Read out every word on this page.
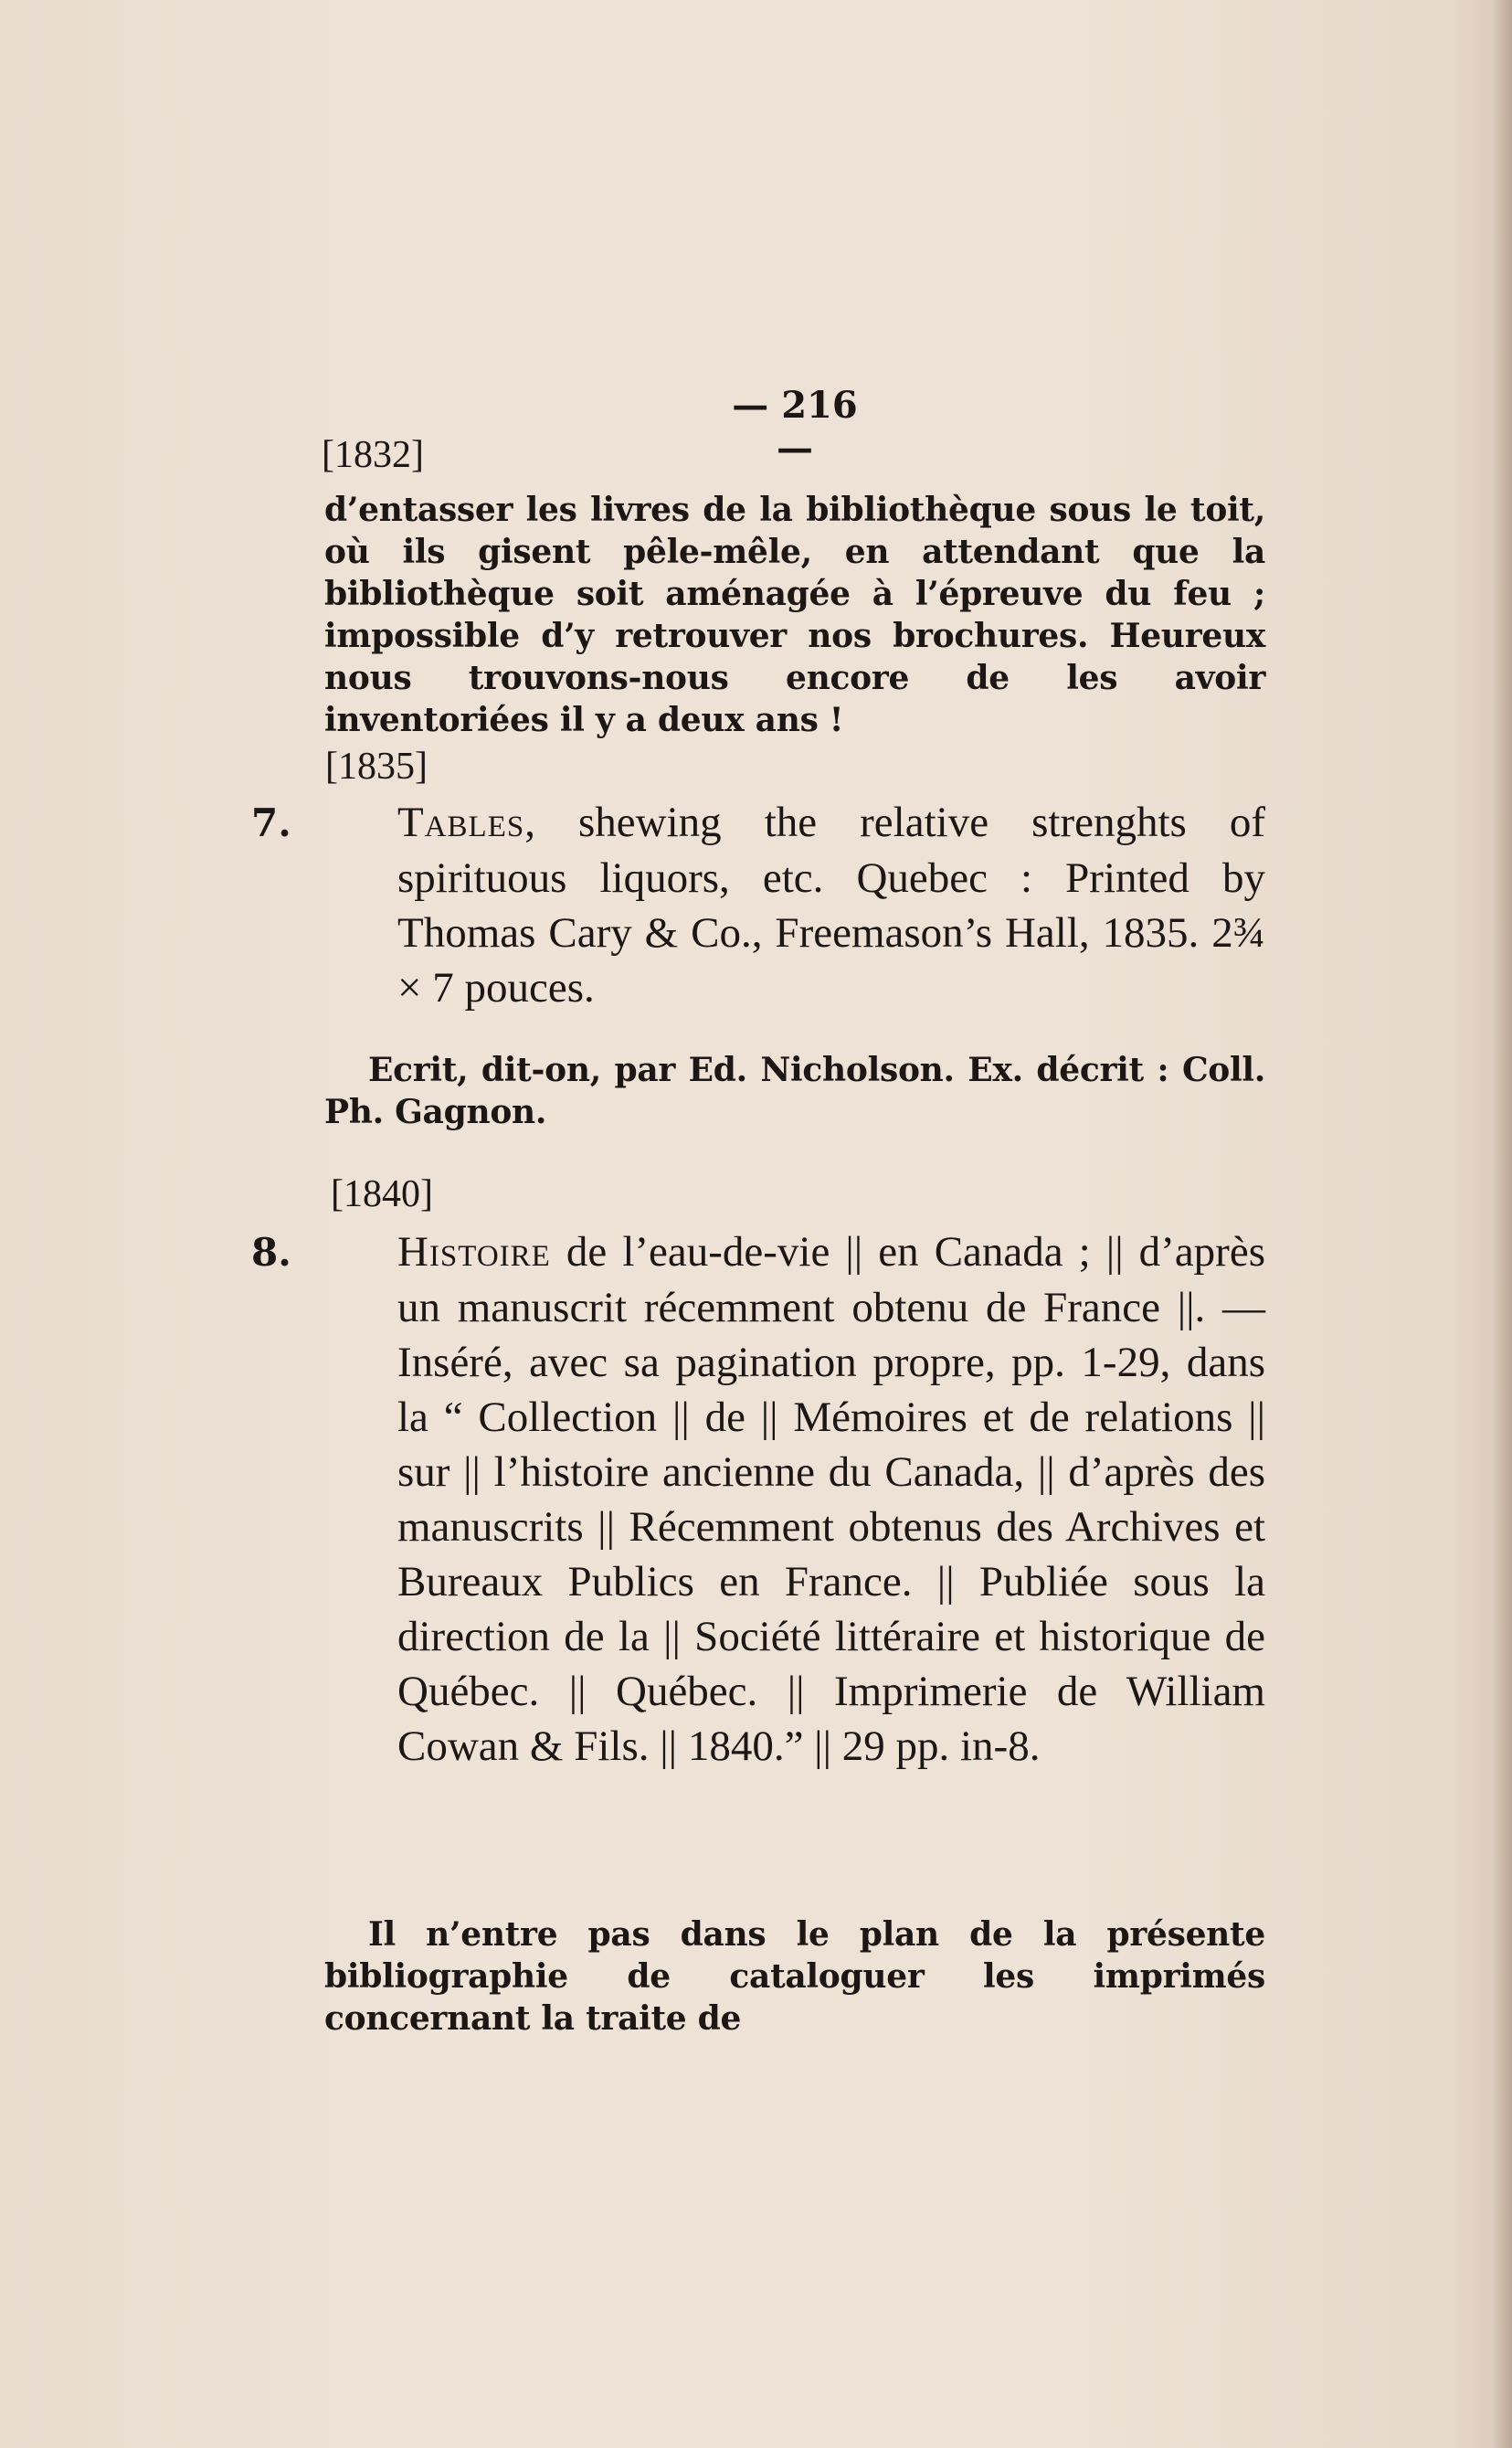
— 216 —
[1832]
d’entasser les livres de la bibliothèque sous le toit, où ils gisent pêle-mêle, en attendant que la bibliothèque soit aménagée à l’épreuve du feu ; impossible d’y retrouver nos brochures. Heureux nous trouvons-nous encore de les avoir inventoriées il y a deux ans !
[1835]
7. Tables, shewing the relative strenghts of spirituous liquors, etc. Quebec : Printed by Thomas Cary & Co., Freemason’s Hall, 1835. 2¾ × 7 pouces.
Ecrit, dit-on, par Ed. Nicholson. Ex. décrit : Coll. Ph. Gagnon.
[1840]
8. Histoire de l’eau-de-vie || en Canada ; || d’après un manuscrit récemment obtenu de France ||. —Inséré, avec sa pagination propre, pp. 1-29, dans la “ Collection || de || Mémoires et de relations || sur || l’histoire ancienne du Canada, || d’après des manuscrits || Récemment obtenus des Archives et Bureaux Publics en France. || Publiée sous la direction de la || Société littéraire et historique de Québec. || Québec. || Imprimerie de William Cowan & Fils. || 1840.” || 29 pp. in-8.
Il n’entre pas dans le plan de la présente bibliographie de cataloguer les imprimés concernant la traite de
